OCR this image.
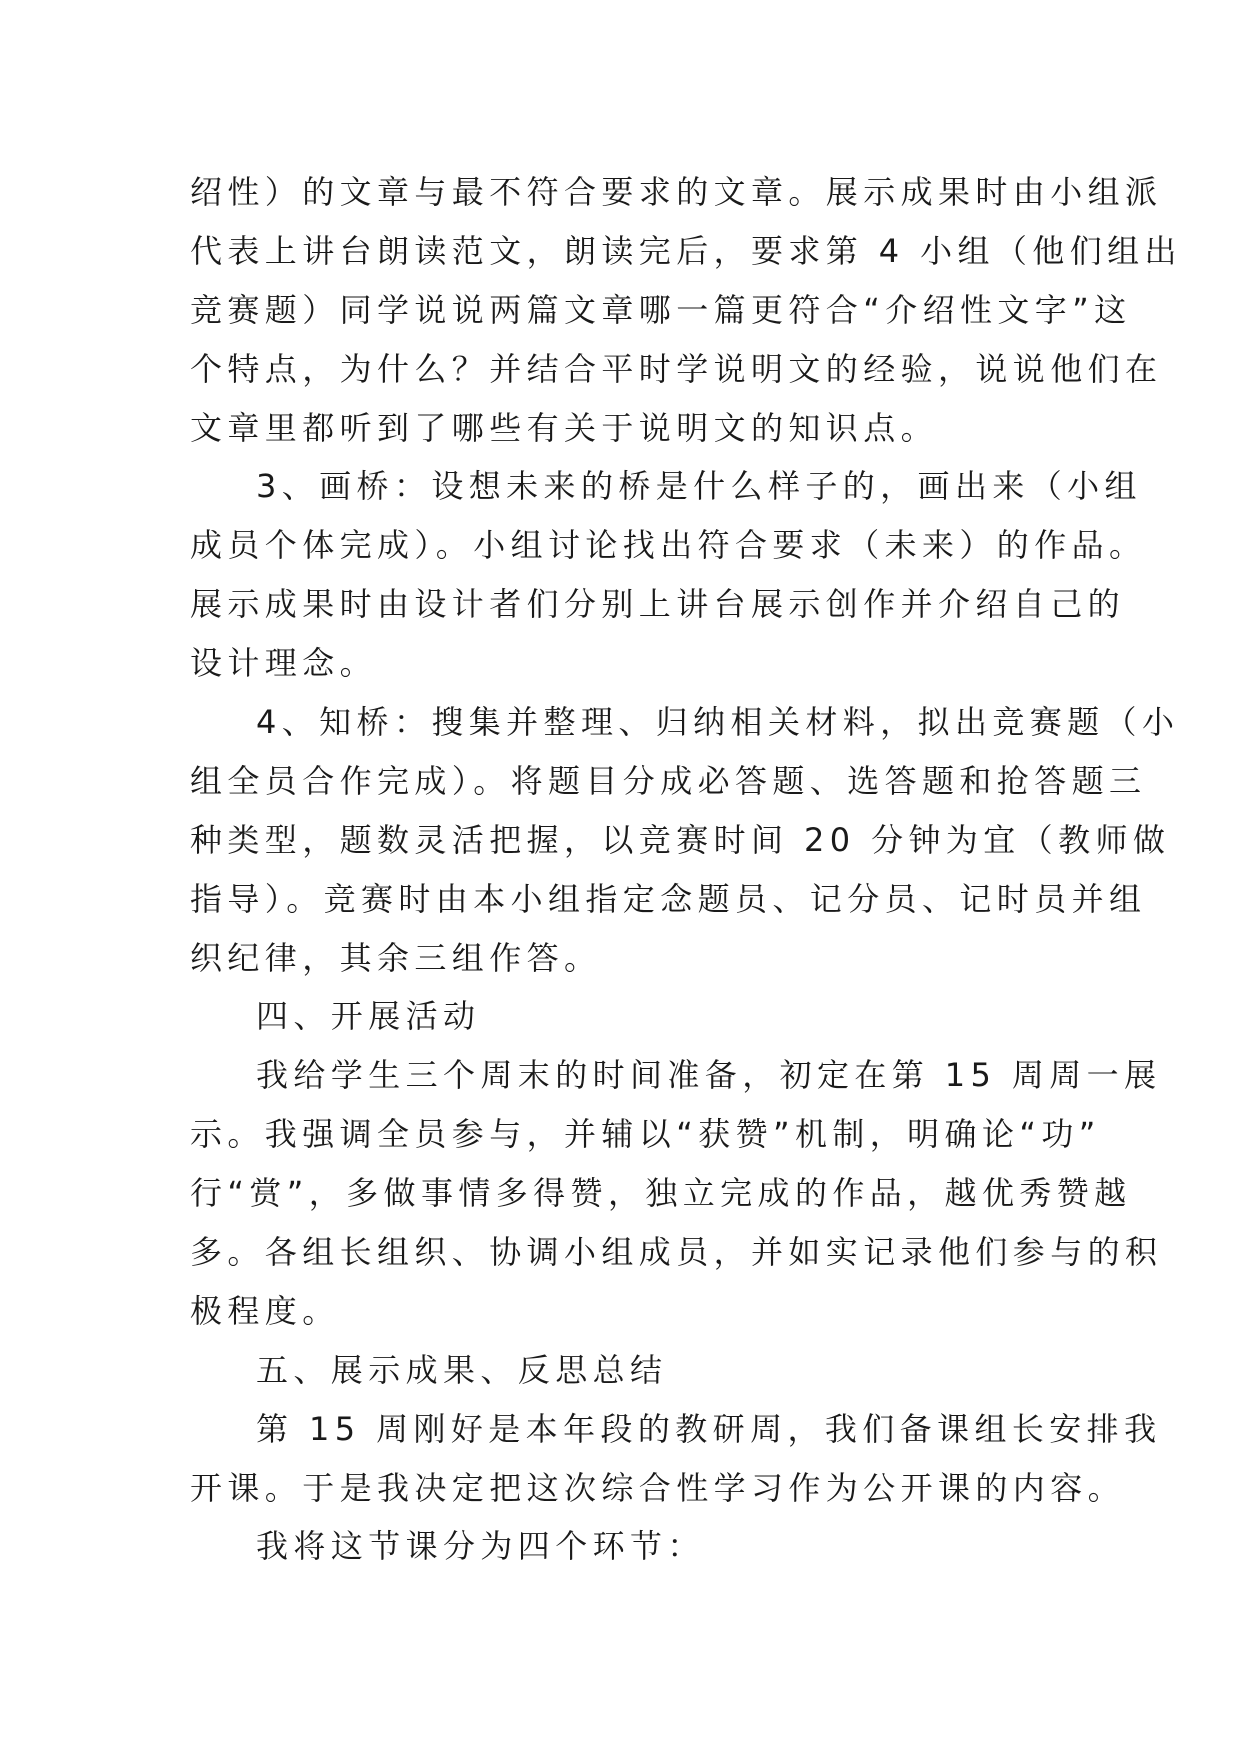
绍性）的文章与最不符合要求的文章。展示成果时由小组派
代表上讲台朗读范文，朗读完后，要求第 4 小组（他们组出
竞赛题）同学说说两篇文章哪一篇更符合“介绍性文字”这
个特点，为什么？并结合平时学说明文的经验，说说他们在
文章里都听到了哪些有关于说明文的知识点。
3、画桥：设想未来的桥是什么样子的，画出来（小组
成员个体完成）。小组讨论找出符合要求（未来）的作品。
展示成果时由设计者们分别上讲台展示创作并介绍自己的
设计理念。
4、知桥：搜集并整理、归纳相关材料，拟出竞赛题（小
组全员合作完成）。将题目分成必答题、选答题和抢答题三
种类型，题数灵活把握，以竞赛时间 20 分钟为宜（教师做
指导）。竞赛时由本小组指定念题员、记分员、记时员并组
织纪律，其余三组作答。
四、开展活动
我给学生三个周末的时间准备，初定在第 15 周周一展
示。我强调全员参与，并辅以“获赞”机制，明确论“功”
行“赏”，多做事情多得赞，独立完成的作品，越优秀赞越
多。各组长组织、协调小组成员，并如实记录他们参与的积
极程度。
五、展示成果、反思总结
第 15 周刚好是本年段的教研周，我们备课组长安排我
开课。于是我决定把这次综合性学习作为公开课的内容。
我将这节课分为四个环节：
